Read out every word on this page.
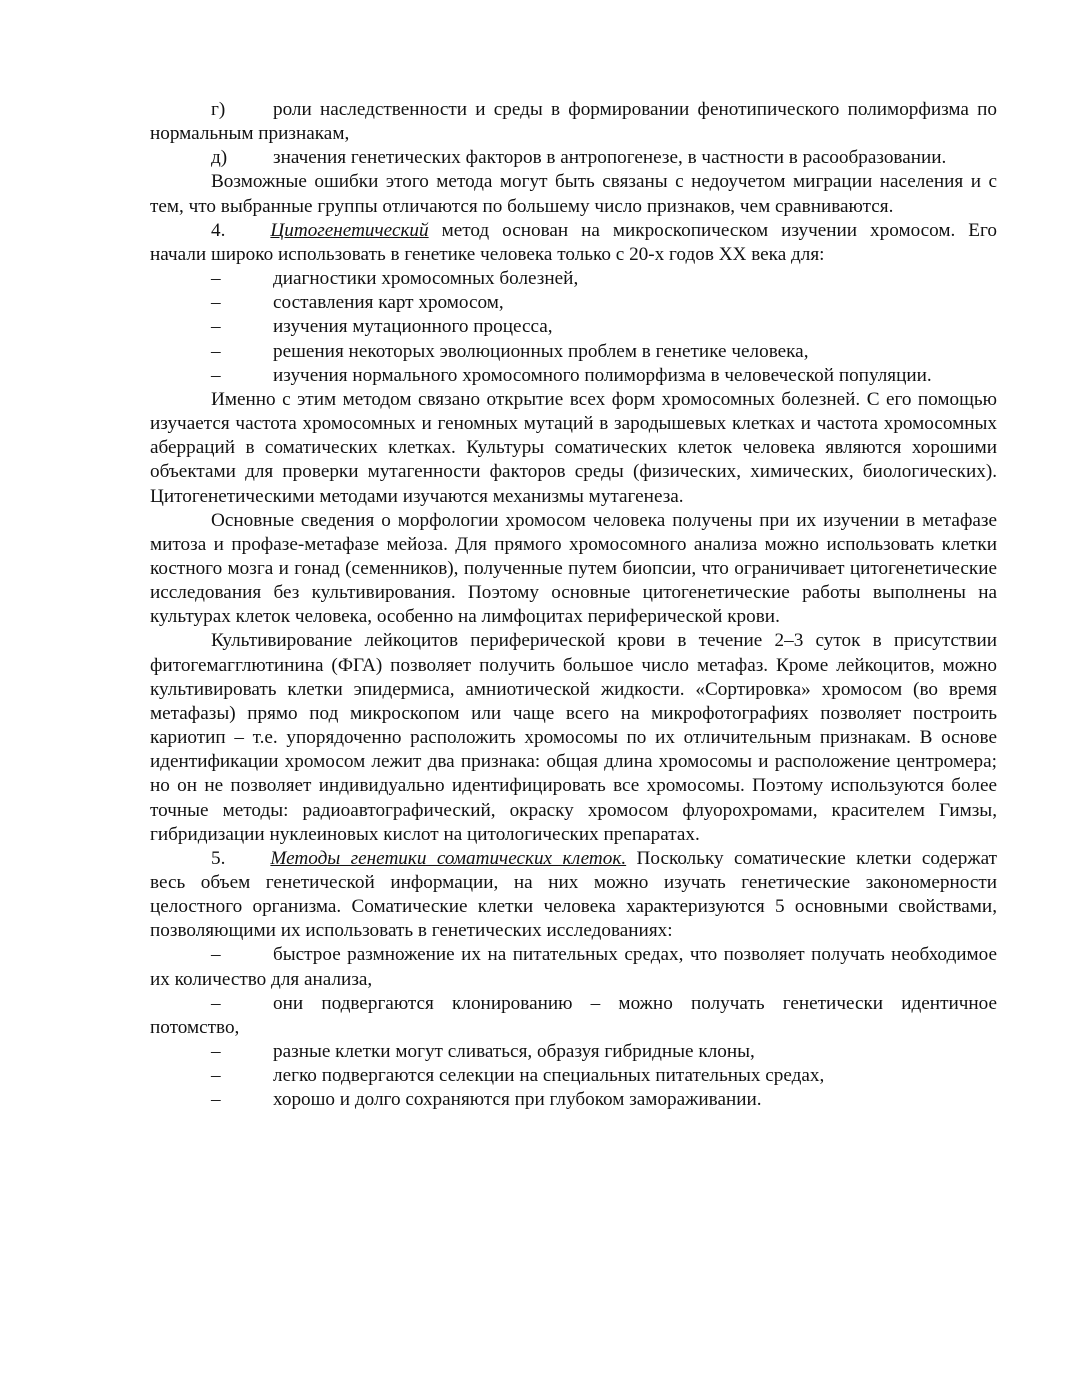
г) роли наследственности и среды в формировании фенотипического полиморфизма по нормальным признакам,

д) значения генетических факторов в антропогенезе, в частности в расообразовании.

Возможные ошибки этого метода могут быть связаны с недоучетом миграции населения и с тем, что выбранные группы отличаются по большему число признаков, чем сравниваются.

4. Цитогенетический метод основан на микроскопическом изучении хромосом. Его начали широко использовать в генетике человека только с 20-х годов XX века для:

–	диагностики хромосомных болезней,

–	составления карт хромосом,

–	изучения мутационного процесса,

–	решения некоторых эволюционных проблем в генетике человека,

–	изучения нормального хромосомного полиморфизма в человеческой популяции.

Именно с этим методом связано открытие всех форм хромосомных болезней. С его помощью изучается частота хромосомных и геномных мутаций в зародышевых клетках и частота хромосомных аберраций в соматических клетках. Культуры соматических клеток человека являются хорошими объектами для проверки мутагенности факторов среды (физических, химических, биологических). Цитогенетическими методами изучаются механизмы мутагенеза.

Основные сведения о морфологии хромосом человека получены при их изучении в метафазе митоза и профазе-метафазе мейоза. Для прямого хромосомного анализа можно использовать клетки костного мозга и гонад (семенников), полученные путем биопсии, что ограничивает цитогенетические исследования без культивирования. Поэтому основные цитогенетические работы выполнены на культурах клеток человека, особенно на лимфоцитах периферической крови.

Культивирование лейкоцитов периферической крови в течение 2–3 суток в присутствии фитогемагглютинина (ФГА) позволяет получить большое число метафаз. Кроме лейкоцитов, можно культивировать клетки эпидермиса, амниотической жидкости. «Сортировка» хромосом (во время метафазы) прямо под микроскопом или чаще всего на микрофотографиях позволяет построить кариотип – т.е. упорядоченно расположить хромосомы по их отличительным признакам. В основе идентификации хромосом лежит два признака: общая длина хромосомы и расположение центромера; но он не позволяет индивидуально идентифицировать все хромосомы. Поэтому используются более точные методы: радиоавтографический, окраску хромосом флуорохромами, красителем Гимзы, гибридизации нуклеиновых кислот на цитологических препаратах.

5. Методы генетики соматических клеток. Поскольку соматические клетки содержат весь объем генетической информации, на них можно изучать генетические закономерности целостного организма. Соматические клетки человека характеризуются 5 основными свойствами, позволяющими их использовать в генетических исследованиях:

–	быстрое размножение их на питательных средах, что позволяет получать необходимое их количество для анализа,

–	они подвергаются клонированию – можно получать генетически идентичное потомство,

–	разные клетки могут сливаться, образуя гибридные клоны,

–	легко подвергаются селекции на специальных питательных средах,

–	хорошо и долго сохраняются при глубоком замораживании.
